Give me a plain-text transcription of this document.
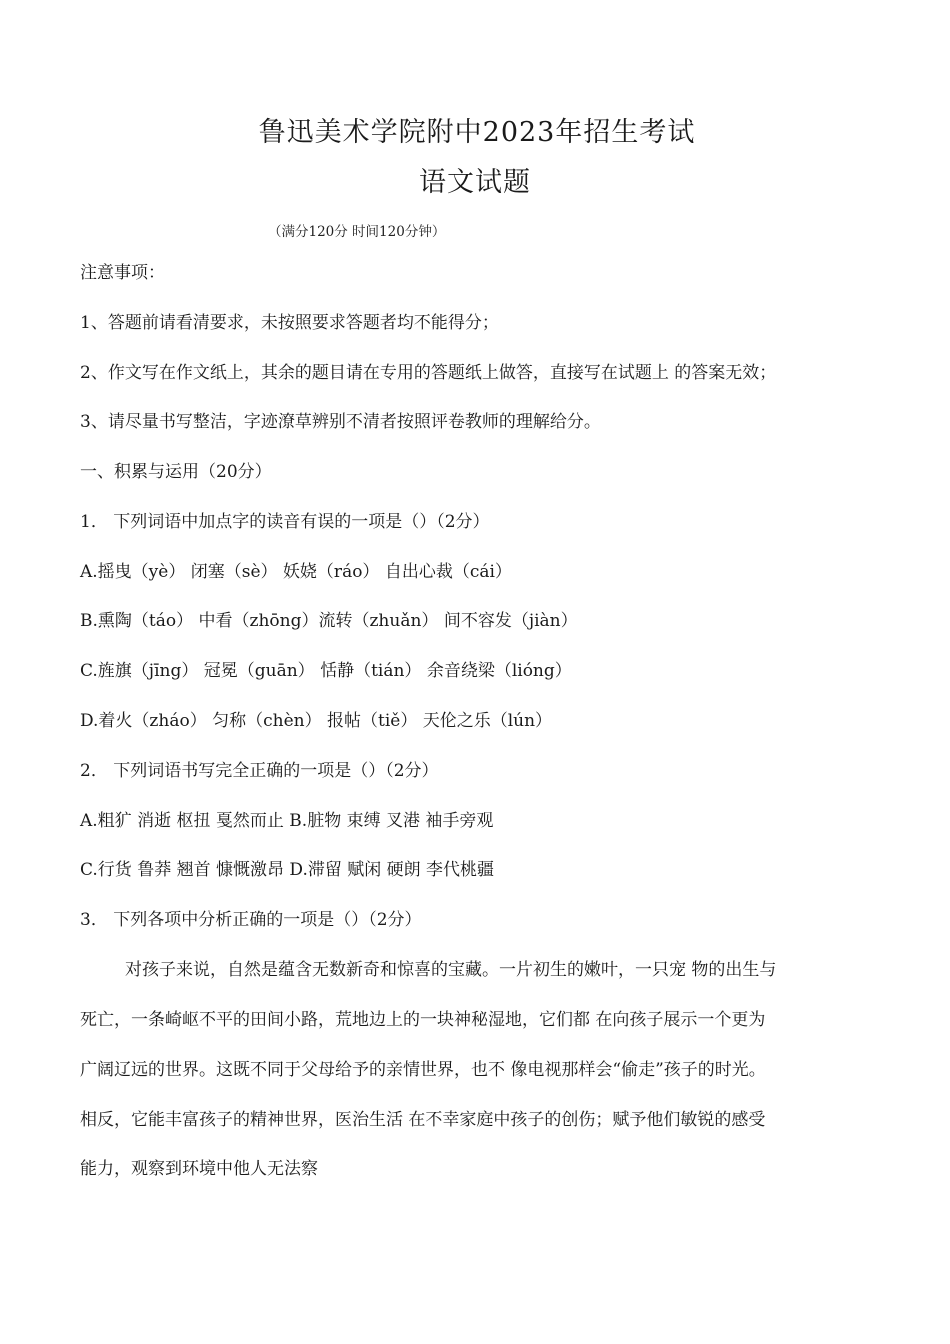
鲁迅美术学院附中2023年招生考试
语文试题
（满分120分 时间120分钟）
注意事项：
1、答题前请看清要求，未按照要求答题者均不能得分；
2、作文写在作文纸上，其余的题目请在专用的答题纸上做答，直接写在试题上 的答案无效；
3、请尽量书写整洁，字迹潦草辨别不清者按照评卷教师的理解给分。
一、积累与运用（20分）
1． 下列词语中加点字的读音有误的一项是（）（2分）
A.摇曳（yè） 闭塞（sè） 妖娆（ráo） 自出心裁（cái）
B.熏陶（táo） 中看（zhōng）流转（zhuǎn） 间不容发（jiàn）
C.旌旗（jīng） 冠冕（guān） 恬静（tián） 余音绕梁（lióng）
D.着火（zháo） 匀称（chèn） 报帖（tiě） 天伦之乐（lún）
2． 下列词语书写完全正确的一项是（）（2分）
A.粗犷 消逝 枢扭 戛然而止 B.脏物 束缚 叉港 袖手旁观
C.行货 鲁莽 翘首 慷慨激昂 D.滞留 赋闲 硬朗 李代桃疆
3． 下列各项中分析正确的一项是（）（2分）
对孩子来说，自然是蕴含无数新奇和惊喜的宝藏。一片初生的嫩叶，一只宠 物的出生与
死亡，一条崎岖不平的田间小路，荒地边上的一块神秘湿地，它们都 在向孩子展示一个更为
广阔辽远的世界。这既不同于父母给予的亲情世界，也不 像电视那样会“偷走”孩子的时光。
相反，它能丰富孩子的精神世界，医治生活 在不幸家庭中孩子的创伤；赋予他们敏锐的感受
能力，观察到环境中他人无法察
